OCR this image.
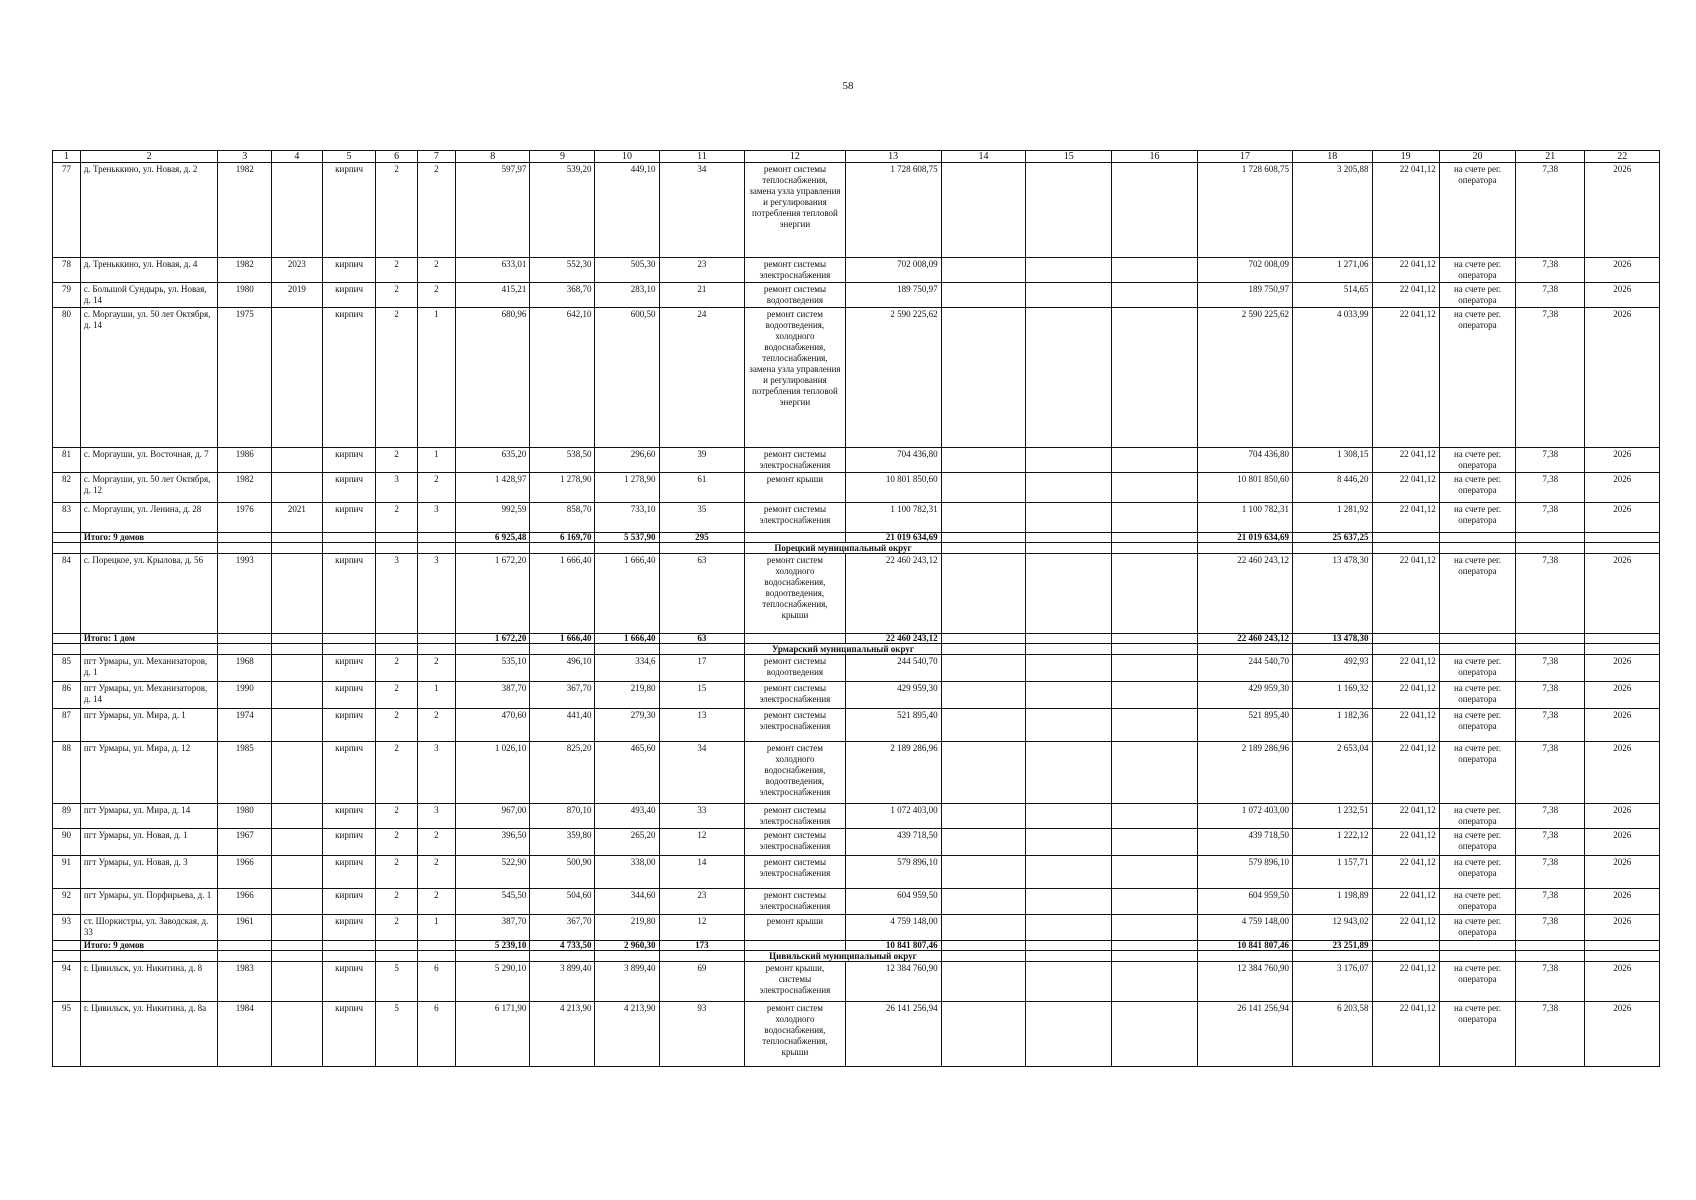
58
1	2	3	4	5	6	7	8	9	10	11	12	13	14	15	16	17	18	19	20	21	22
77	д. Треньккино, ул. Новая, д. 2	1982		кирпич	2	2	597,97	539,20	449,10	34	ремонт системы теплоснабжения, замена узла управления и регулирования потребления тепловой энергии	1 728 608,75				1 728 608,75	3 205,88	22 041,12	на счете рег. оператора	7,38	2026
78	д. Треньккино, ул. Новая, д. 4	1982	2023	кирпич	2	2	633,01	552,30	505,30	23	ремонт системы электроснабжения	702 008,09				702 008,09	1 271,06	22 041,12	на счете рег. оператора	7,38	2026
79	с. Большой Сундырь, ул. Новая, д. 14	1980	2019	кирпич	2	2	415,21	368,70	283,10	21	ремонт системы водоотведения	189 750,97				189 750,97	514,65	22 041,12	на счете рег. оператора	7,38	2026
80	с. Моргауши, ул. 50 лет Октября, д. 14	1975		кирпич	2	1	680,96	642,10	600,50	24	ремонт систем водоотведения, холодного водоснабжения, теплоснабжения, замена узла управления и регулирования потребления тепловой энергии	2 590 225,62				2 590 225,62	4 033,99	22 041,12	на счете рег. оператора	7,38	2026
81	с. Моргауши, ул. Восточная, д. 7	1986		кирпич	2	1	635,20	538,50	296,60	39	ремонт системы электроснабжения	704 436,80				704 436,80	1 308,15	22 041,12	на счете рег. оператора	7,38	2026
82	с. Моргауши, ул. 50 лет Октября, д. 12	1982		кирпич	3	2	1 428,97	1 278,90	1 278,90	61	ремонт крыши	10 801 850,60				10 801 850,60	8 446,20	22 041,12	на счете рег. оператора	7,38	2026
83	с. Моргауши, ул. Ленина, д. 28	1976	2021	кирпич	2	3	992,59	858,70	733,10	35	ремонт системы электроснабжения	1 100 782,31				1 100 782,31	1 281,92	22 041,12	на счете рег. оператора	7,38	2026
	Итого: 9 домов						6 925,48	6 169,70	5 537,90	295		21 019 634,69				21 019 634,69	25 637,25				
											Порецкий муниципальный округ										
84	с. Порецкое, ул. Крылова, д. 56	1993		кирпич	3	3	1 672,20	1 666,40	1 666,40	63	ремонт систем холодного водоснабжения, водоотведения, теплоснабжения, крыши	22 460 243,12				22 460 243,12	13 478,30	22 041,12	на счете рег. оператора	7,38	2026
	Итого: 1 дом						1 672,20	1 666,40	1 666,40	63		22 460 243,12				22 460 243,12	13 478,30				
											Урмарский муниципальный округ										
85	пгт Урмары, ул. Механизаторов, д. 1	1968		кирпич	2	2	535,10	496,10	334,6	17	ремонт системы водоотведения	244 540,70				244 540,70	492,93	22 041,12	на счете рег. оператора	7,38	2026
86	пгт Урмары, ул. Механизаторов, д. 14	1990		кирпич	2	1	387,70	367,70	219,80	15	ремонт системы электроснабжения	429 959,30				429 959,30	1 169,32	22 041,12	на счете рег. оператора	7,38	2026
87	пгт Урмары, ул. Мира, д. 1	1974		кирпич	2	2	470,60	441,40	279,30	13	ремонт системы электроснабжения	521 895,40				521 895,40	1 182,36	22 041,12	на счете рег. оператора	7,38	2026
88	пгт Урмары, ул. Мира, д. 12	1985		кирпич	2	3	1 026,10	825,20	465,60	34	ремонт систем холодного водоснабжения, водоотведения, электроснабжения	2 189 286,96				2 189 286,96	2 653,04	22 041,12	на счете рег. оператора	7,38	2026
89	пгт Урмары, ул. Мира, д. 14	1980		кирпич	2	3	967,00	870,10	493,40	33	ремонт системы электроснабжения	1 072 403,00				1 072 403,00	1 232,51	22 041,12	на счете рег. оператора	7,38	2026
90	пгт Урмары, ул. Новая, д. 1	1967		кирпич	2	2	396,50	359,80	265,20	12	ремонт системы электроснабжения	439 718,50				439 718,50	1 222,12	22 041,12	на счете рег. оператора	7,38	2026
91	пгт Урмары, ул. Новая, д. 3	1966		кирпич	2	2	522,90	500,90	338,00	14	ремонт системы электроснабжения	579 896,10				579 896,10	1 157,71	22 041,12	на счете рег. оператора	7,38	2026
92	пгт Урмары, ул. Порфирьева, д. 1	1966		кирпич	2	2	545,50	504,60	344,60	23	ремонт системы электроснабжения	604 959,50				604 959,50	1 198,89	22 041,12	на счете рег. оператора	7,38	2026
93	ст. Шоркистры, ул. Заводская, д. 33	1961		кирпич	2	1	387,70	367,70	219,80	12	ремонт крыши	4 759 148,00				4 759 148,00	12 943,02	22 041,12	на счете рег. оператора	7,38	2026
	Итого: 9 домов						5 239,10	4 733,50	2 960,30	173		10 841 807,46				10 841 807,46	23 251,89				
											Цивильский муниципальный округ										
94	г. Цивильск, ул. Никитина, д. 8	1983		кирпич	5	6	5 290,10	3 899,40	3 899,40	69	ремонт крыши, системы электроснабжения	12 384 760,90				12 384 760,90	3 176,07	22 041,12	на счете рег. оператора	7,38	2026
95	г. Цивильск, ул. Никитина, д. 8а	1984		кирпич	5	6	6 171,90	4 213,90	4 213,90	93	ремонт систем холодного водоснабжения, теплоснабжения, крыши	26 141 256,94				26 141 256,94	6 203,58	22 041,12	на счете рег. оператора	7,38	2026
